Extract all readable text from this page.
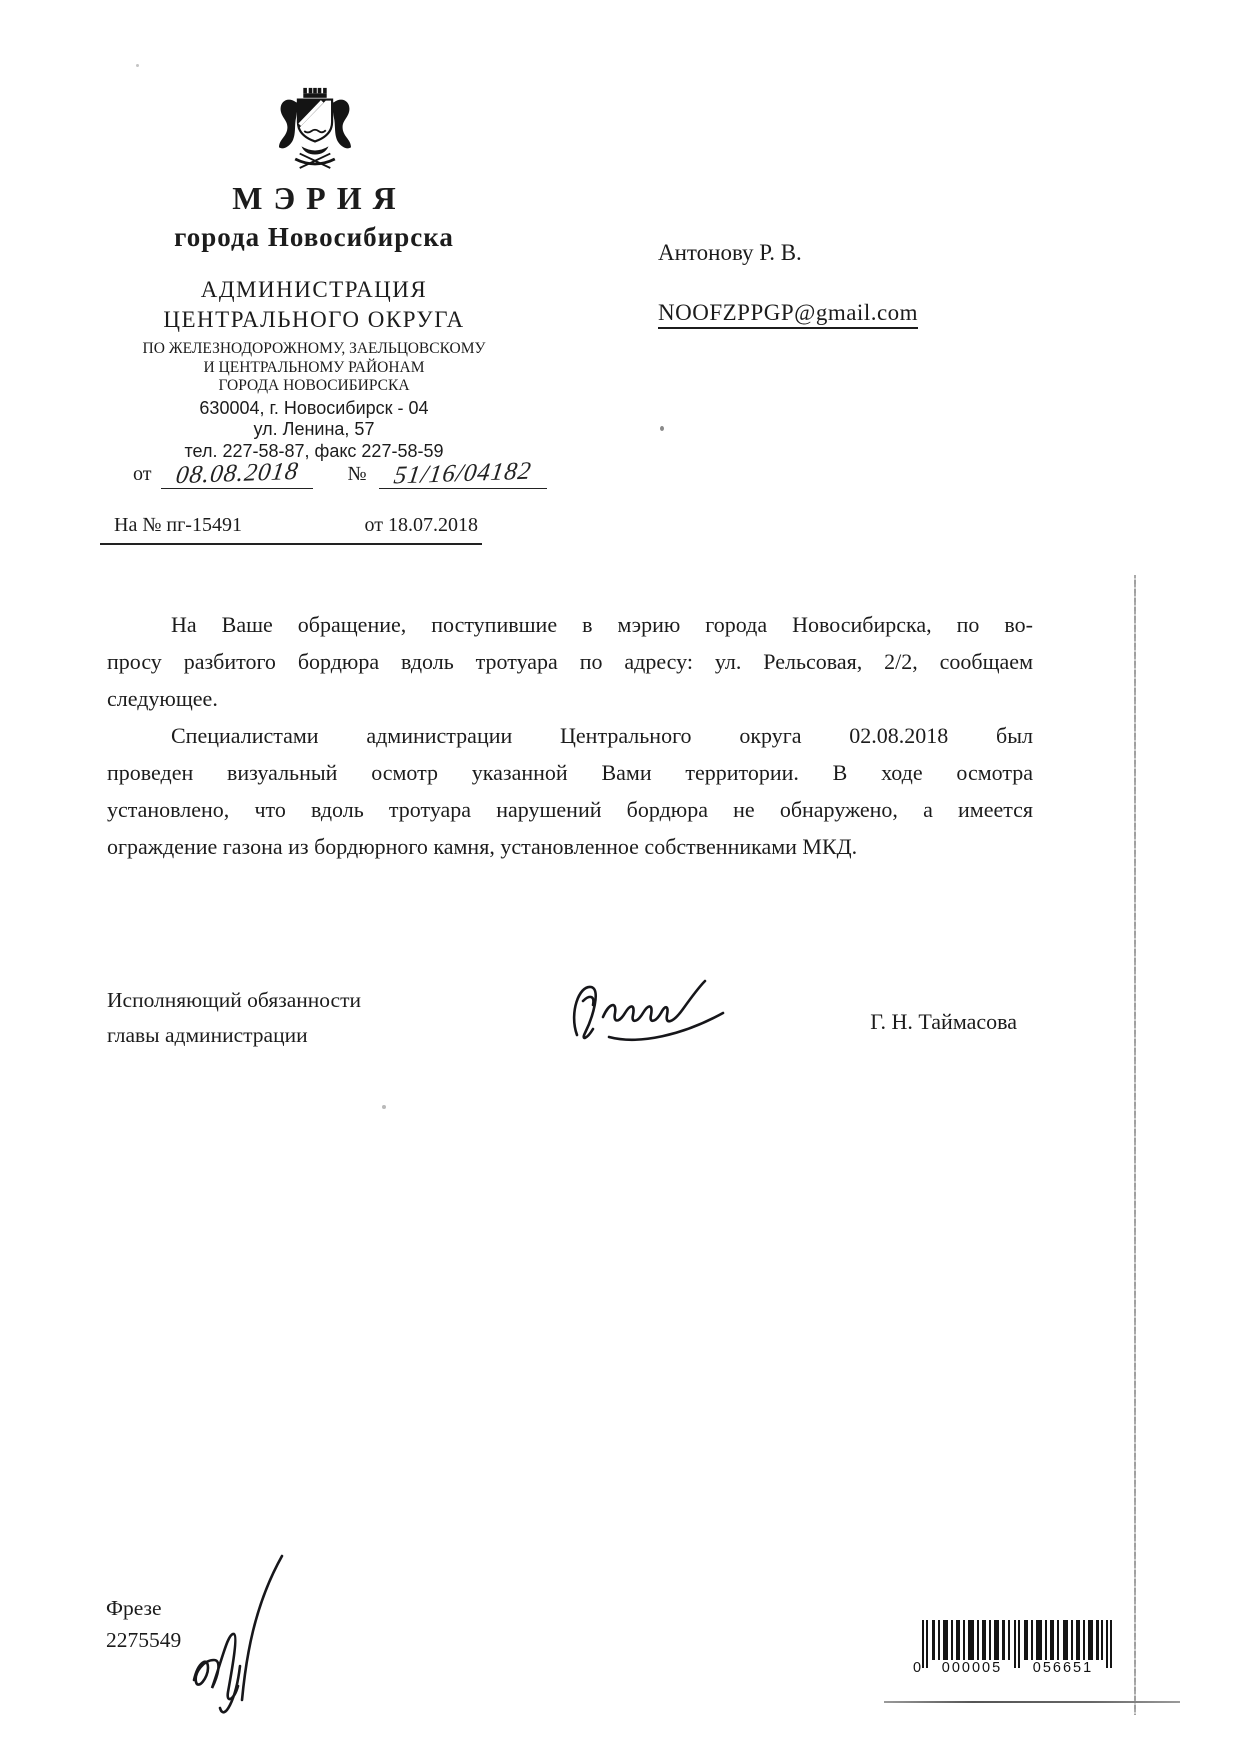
МЭРИЯ
города Новосибирска
АДМИНИСТРАЦИЯ
ЦЕНТРАЛЬНОГО ОКРУГА
ПО ЖЕЛЕЗНОДОРОЖНОМУ, ЗАЕЛЬЦОВСКОМУ
И ЦЕНТРАЛЬНОМУ РАЙОНАМ
ГОРОДА НОВОСИБИРСКА
630004, г. Новосибирск - 04
ул. Ленина, 57
тел. 227-58-87, факс 227-58-59
Антонову Р. В.
NOOFZPPGP@gmail.com
от 08.08.2018	№	51/16/04182
На № пг-15491	от 18.07.2018
На Ваше обращение, поступившие в мэрию города Новосибирска, по во-
просу разбитого бордюра вдоль тротуара по адресу: ул. Рельсовая, 2/2, сообщаем
следующее.
Специалистами администрации Центрального округа 02.08.2018 был
проведен визуальный осмотр указанной Вами территории. В ходе осмотра
установлено, что вдоль тротуара нарушений бордюра не обнаружено, а имеется
ограждение газона из бордюрного камня, установленное собственниками МКД.
Исполняющий обязанности
главы администрации
Г. Н. Таймасова
Фрезе
2275549
0	000005	056651
